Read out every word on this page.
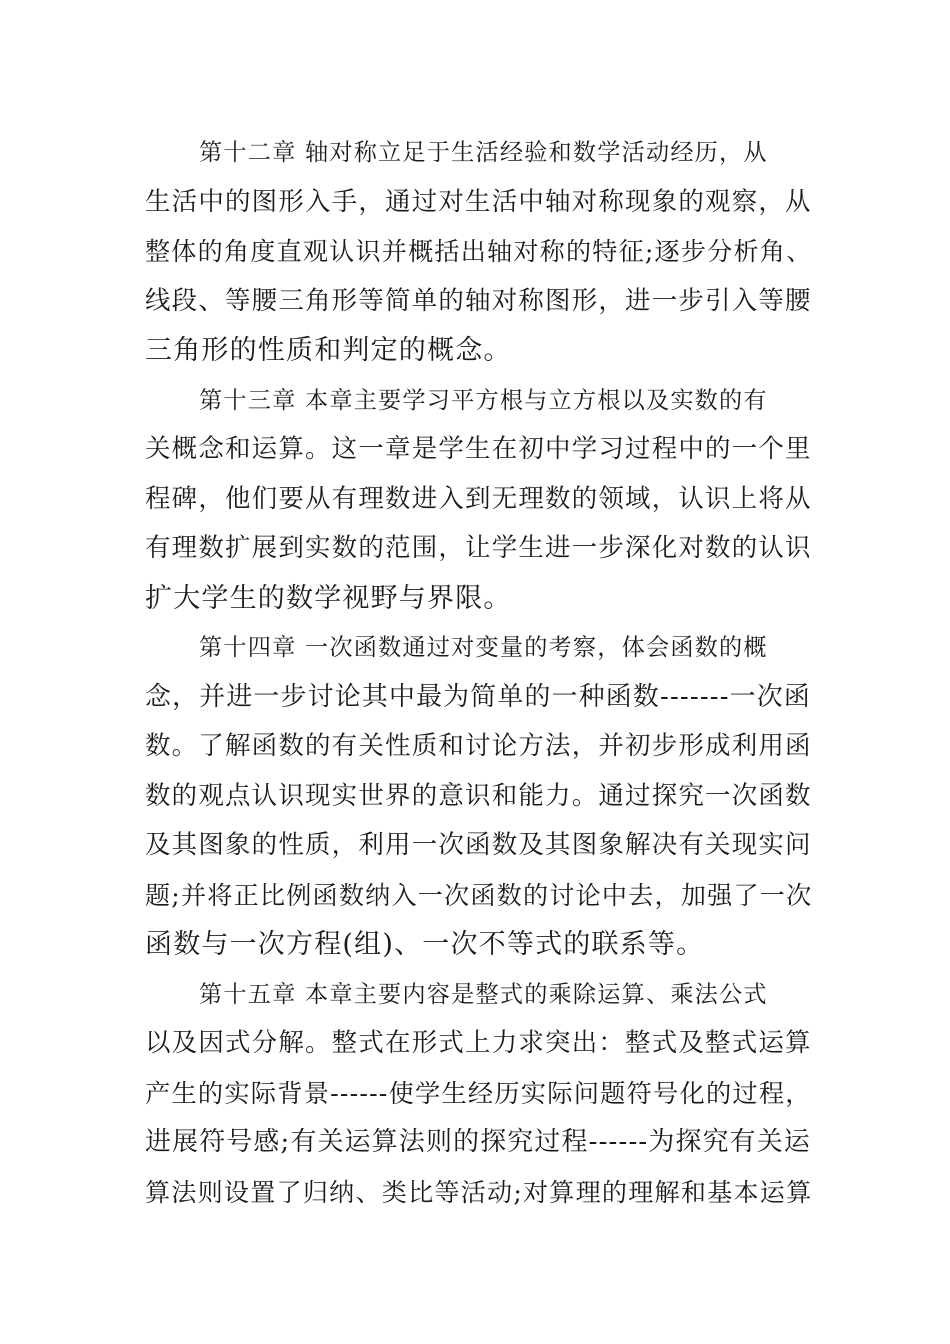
第十二章 轴对称立足于生活经验和数学活动经历，从
生活中的图形入手，通过对生活中轴对称现象的观察，从
整体的角度直观认识并概括出轴对称的特征;逐步分析角、
线段、等腰三角形等简单的轴对称图形，进一步引入等腰
三角形的性质和判定的概念。

第十三章 本章主要学习平方根与立方根以及实数的有
关概念和运算。这一章是学生在初中学习过程中的一个里
程碑，他们要从有理数进入到无理数的领域，认识上将从
有理数扩展到实数的范围，让学生进一步深化对数的认识
扩大学生的数学视野与界限。

第十四章 一次函数通过对变量的考察，体会函数的概
念，并进一步讨论其中最为简单的一种函数-------一次函
数。了解函数的有关性质和讨论方法，并初步形成利用函
数的观点认识现实世界的意识和能力。通过探究一次函数
及其图象的性质，利用一次函数及其图象解决有关现实问
题;并将正比例函数纳入一次函数的讨论中去，加强了一次
函数与一次方程(组)、一次不等式的联系等。

第十五章 本章主要内容是整式的乘除运算、乘法公式
以及因式分解。整式在形式上力求突出：整式及整式运算
产生的实际背景------使学生经历实际问题符号化的过程，
进展符号感;有关运算法则的探究过程------为探究有关运
算法则设置了归纳、类比等活动;对算理的理解和基本运算
